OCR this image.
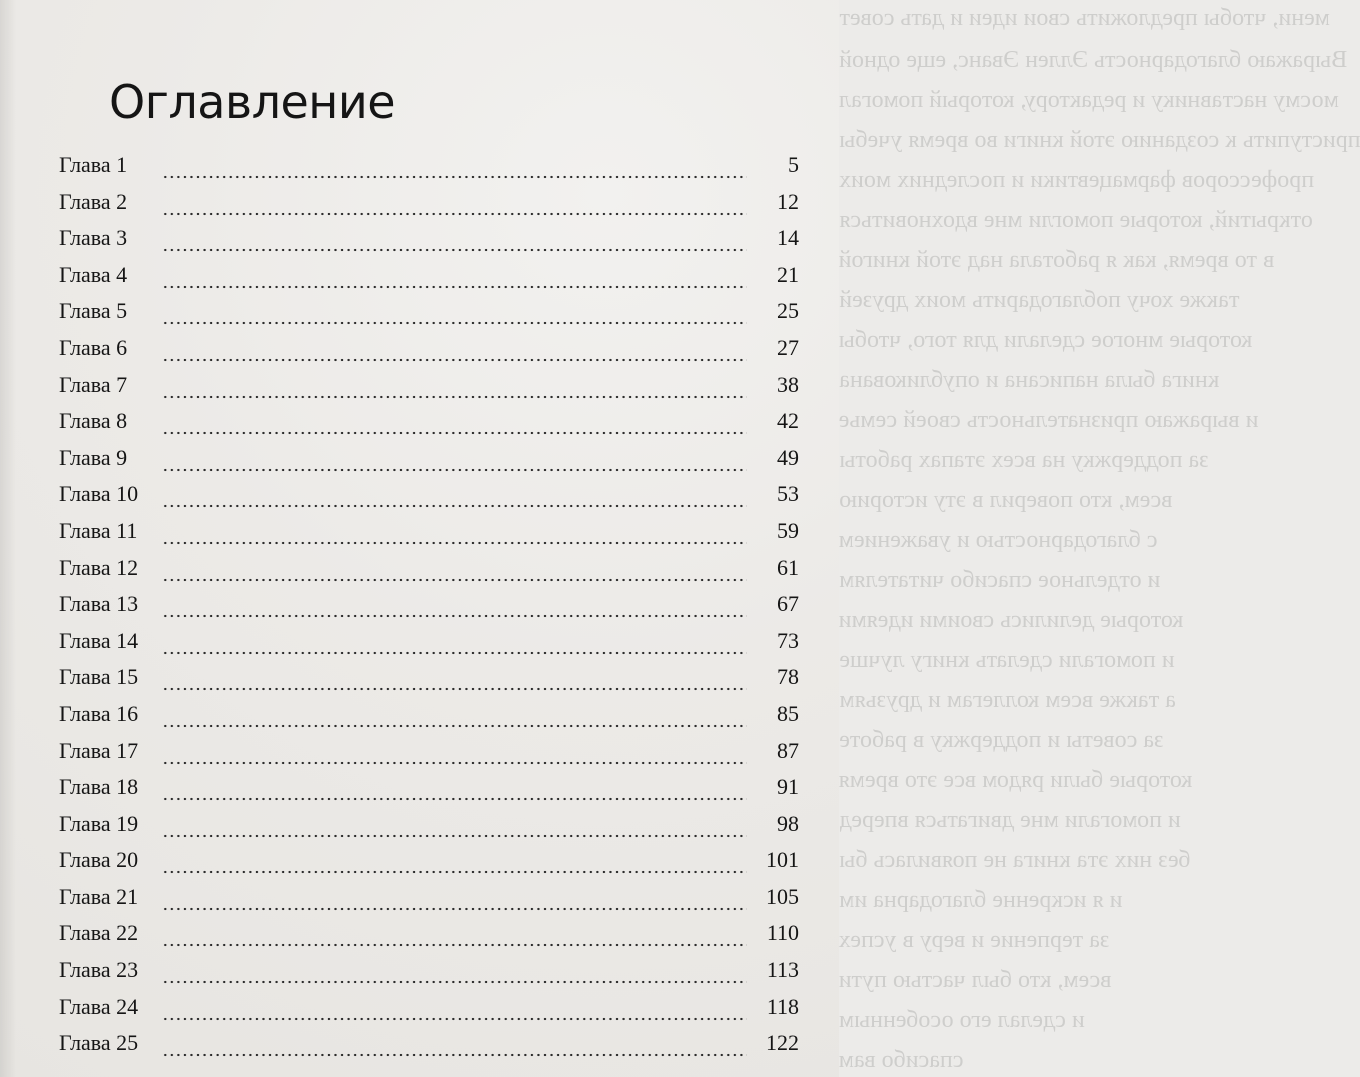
мени, чтобы предложить свои идеи и дать совет
Выражаю благодарность Эллен Эванс, еще одной
мосму наставнику и редактору, который помогал
приступить к созданию этой книги во время учебы
профессоров фармацевтики и последних моих
открытий, которые помогли мне вдохновиться
в то время, как я работала над этой книгой
также хочу поблагодарить моих друзей
которые многое сделали для того, чтобы
книга была написана и опубликована
и выражаю признательность своей семье
за поддержку на всех этапах работы
всем, кто поверил в эту историю
с благодарностью и уважением
и отдельное спасибо читателям
которые делились своими идеями
и помогали сделать книгу лучше
а также всем коллегам и друзьям
за советы и поддержку в работе
которые были рядом все это время
и помогали мне двигаться вперед
без них эта книга не появилась бы
и я искренне благодарна им
за терпение и веру в успех
всем, кто был частью пути
и сделал его особенным
спасибо вам
Оглавление
Глава 1	5
Глава 2	12
Глава 3	14
Глава 4	21
Глава 5	25
Глава 6	27
Глава 7	38
Глава 8	42
Глава 9	49
Глава 10	53
Глава 11	59
Глава 12	61
Глава 13	67
Глава 14	73
Глава 15	78
Глава 16	85
Глава 17	87
Глава 18	91
Глава 19	98
Глава 20	101
Глава 21	105
Глава 22	110
Глава 23	113
Глава 24	118
Глава 25	122
